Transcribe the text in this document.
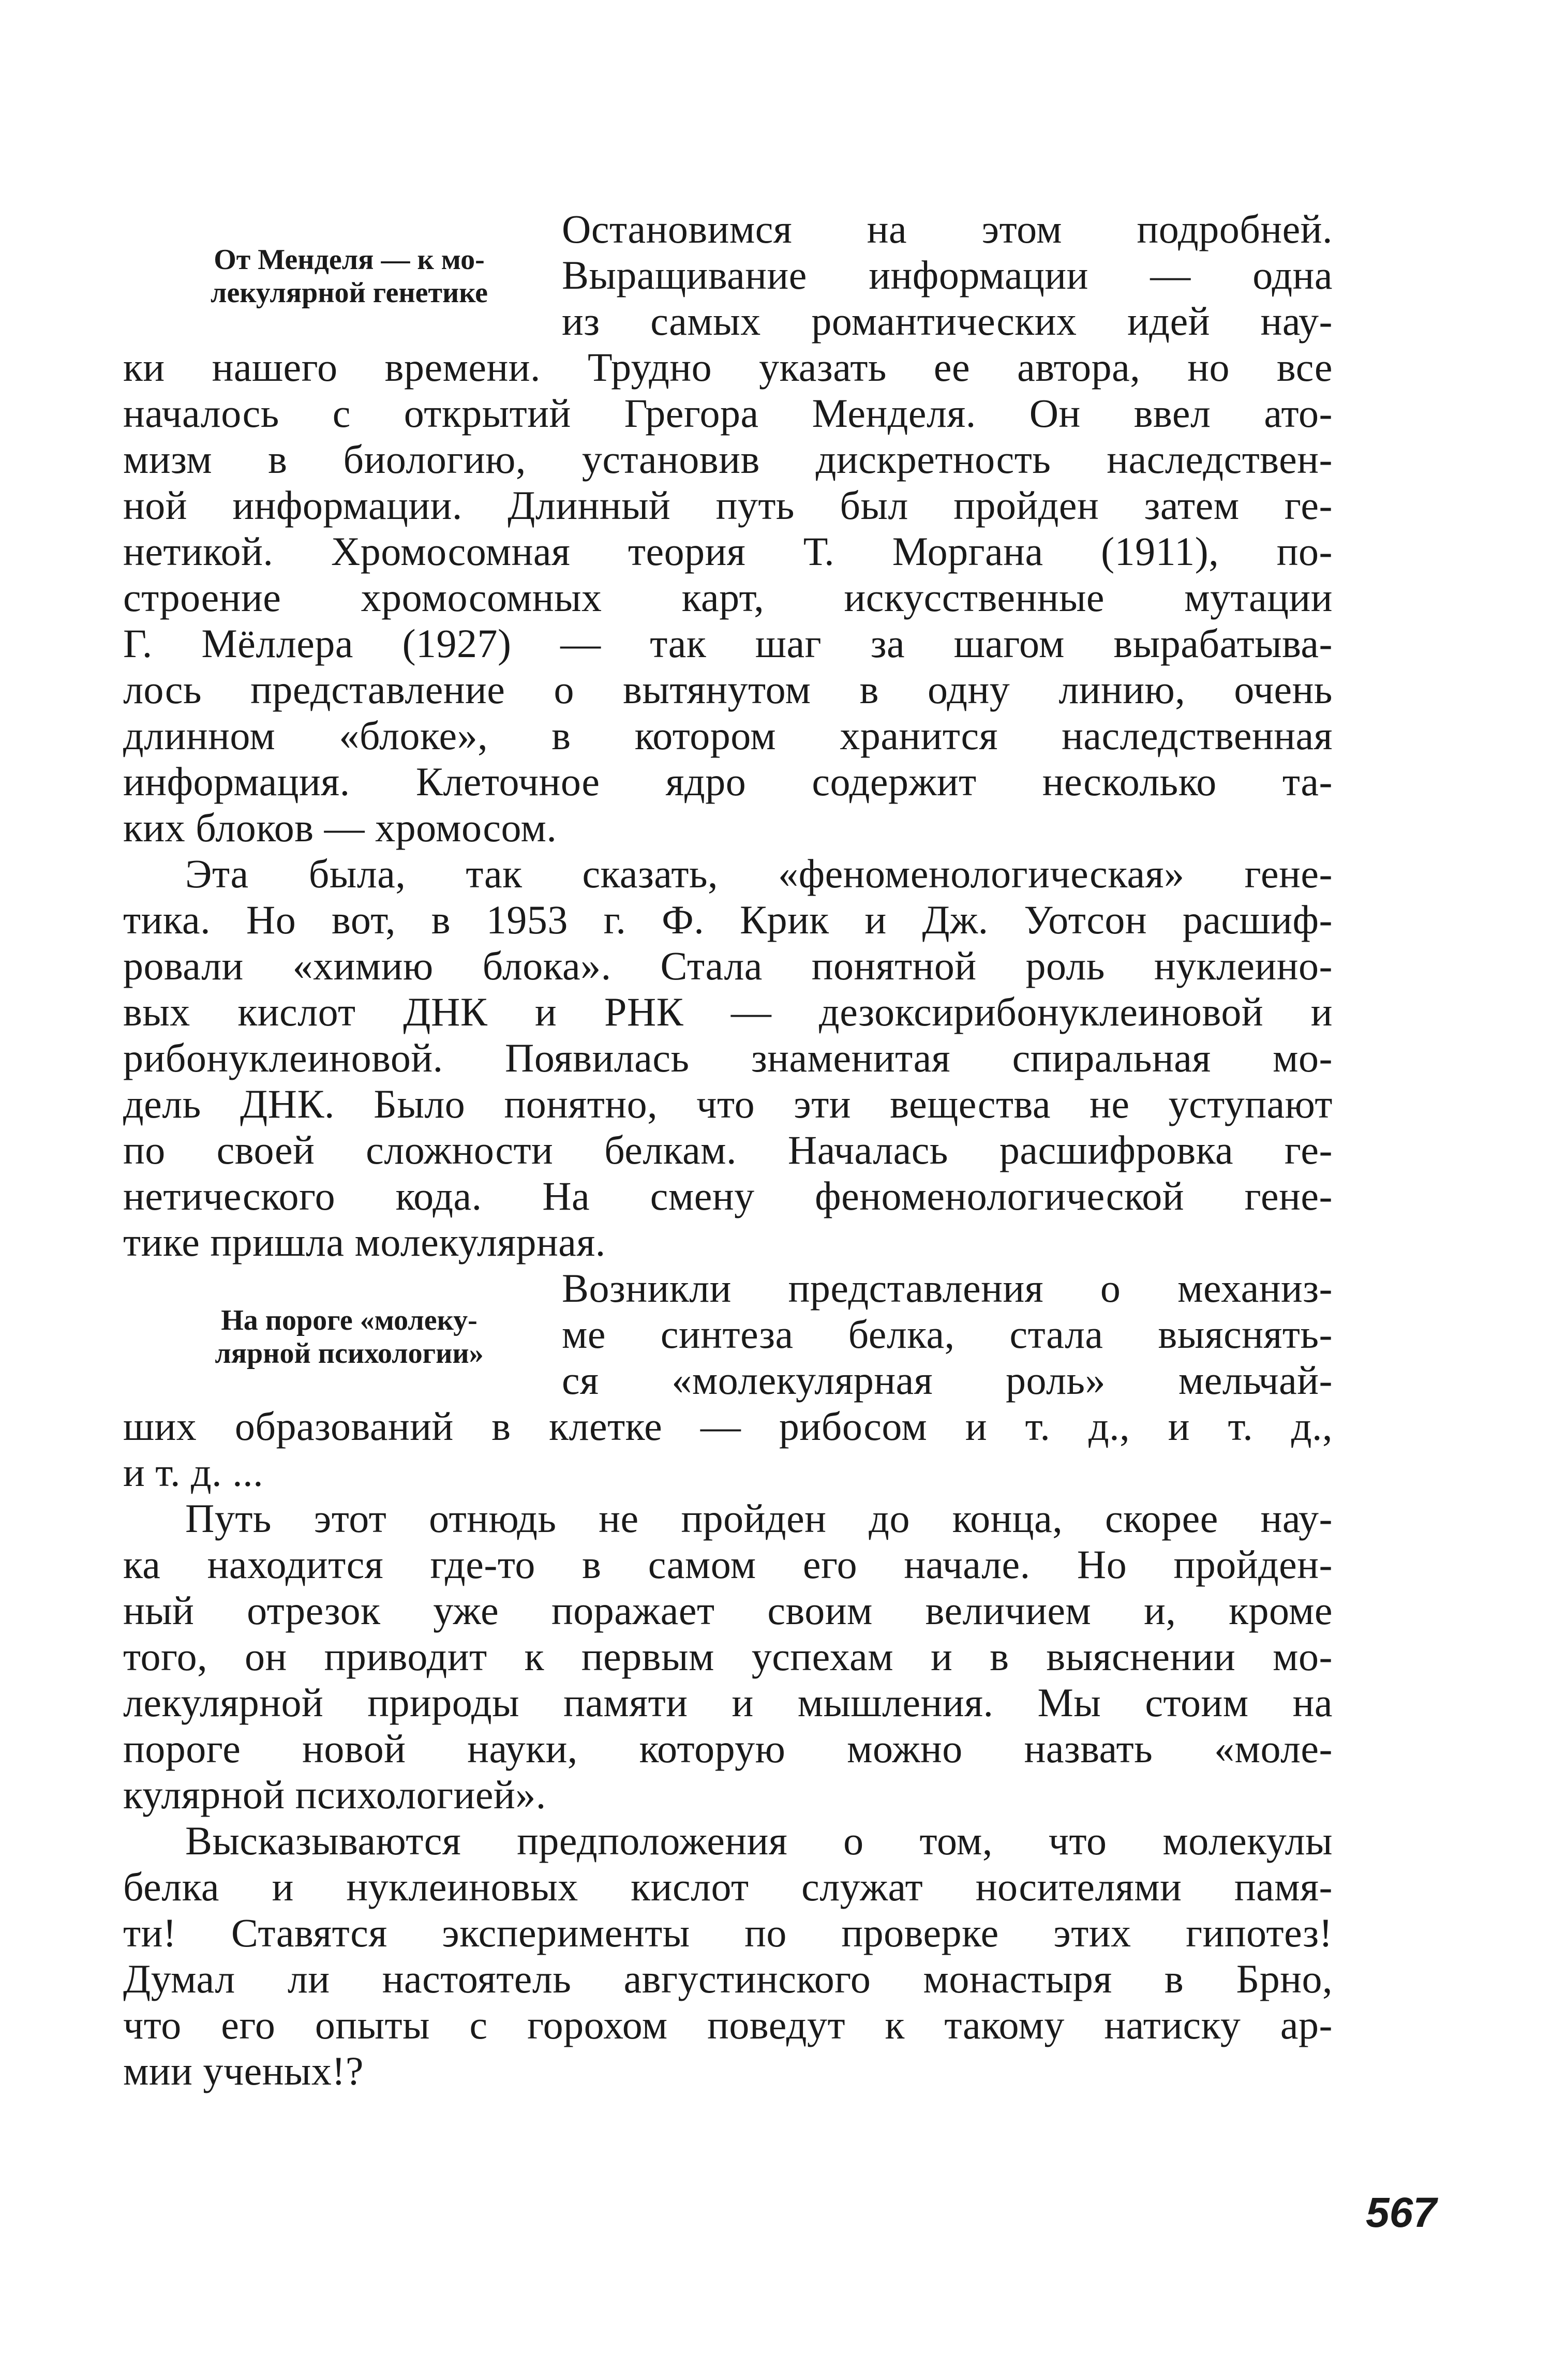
От Менделя — к мо-
лекулярной генетике
На пороге «молеку-
лярной психологии»
Остановимся на этом подробней.
Выращивание информации — одна
из самых романтических идей нау-
ки нашего времени. Трудно указать ее автора, но все
началось с открытий Грегора Менделя. Он ввел ато-
мизм в биологию, установив дискретность наследствен-
ной информации. Длинный путь был пройден затем ге-
нетикой. Хромосомная теория Т. Моргана (1911), по-
строение хромосомных карт, искусственные мутации
Г. Мёллера (1927) — так шаг за шагом вырабатыва-
лось представление о вытянутом в одну линию, очень
длинном «блоке», в котором хранится наследственная
информация. Клеточное ядро содержит несколько та-
ких блоков — хромосом.
Эта была, так сказать, «феноменологическая» гене-
тика. Но вот, в 1953 г. Ф. Крик и Дж. Уотсон расшиф-
ровали «химию блока». Стала понятной роль нуклеино-
вых кислот ДНК и РНК — дезоксирибонуклеиновой и
рибонуклеиновой. Появилась знаменитая спиральная мо-
дель ДНК. Было понятно, что эти вещества не уступают
по своей сложности белкам. Началась расшифровка ге-
нетического кода. На смену феноменологической гене-
тике пришла молекулярная.
Возникли представления о механиз-
ме синтеза белка, стала выяснять-
ся «молекулярная роль» мельчай-
ших образований в клетке — рибосом и т. д., и т. д.,
и т. д. ...
Путь этот отнюдь не пройден до конца, скорее нау-
ка находится где-то в самом его начале. Но пройден-
ный отрезок уже поражает своим величием и, кроме
того, он приводит к первым успехам и в выяснении мо-
лекулярной природы памяти и мышления. Мы стоим на
пороге новой науки, которую можно назвать «моле-
кулярной психологией».
Высказываются предположения о том, что молекулы
белка и нуклеиновых кислот служат носителями памя-
ти! Ставятся эксперименты по проверке этих гипотез!
Думал ли настоятель августинского монастыря в Брно,
что его опыты с горохом поведут к такому натиску ар-
мии ученых!?
567
